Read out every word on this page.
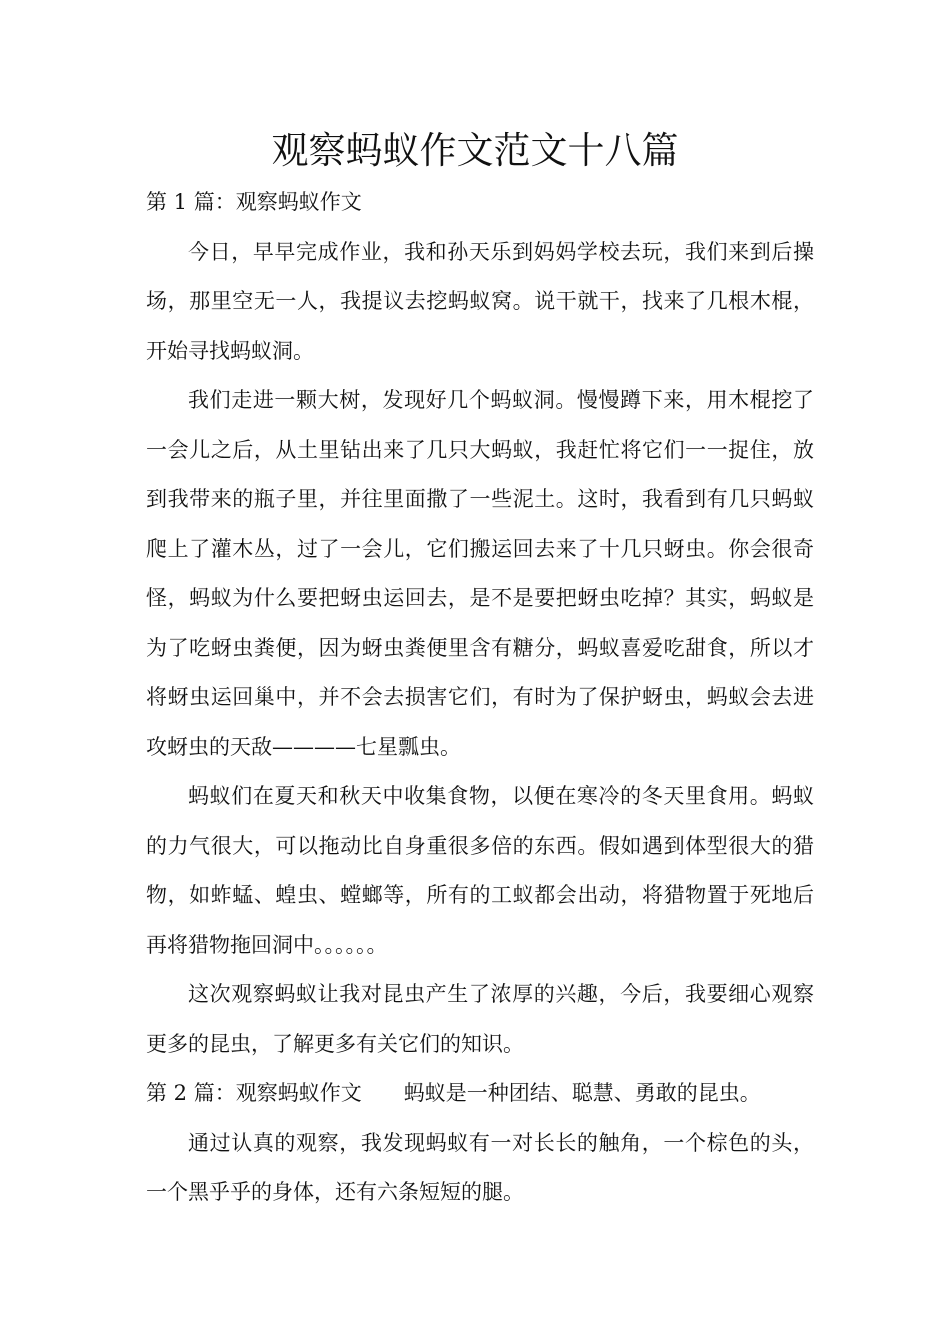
观察蚂蚁作文范文十八篇

第 1 篇：观察蚂蚁作文

今日，早早完成作业，我和孙天乐到妈妈学校去玩，我们来到后操场，那里空无一人，我提议去挖蚂蚁窝。说干就干，找来了几根木棍，开始寻找蚂蚁洞。

我们走进一颗大树，发现好几个蚂蚁洞。慢慢蹲下来，用木棍挖了一会儿之后，从土里钻出来了几只大蚂蚁，我赶忙将它们一一捉住，放到我带来的瓶子里，并往里面撒了一些泥土。这时，我看到有几只蚂蚁爬上了灌木丛，过了一会儿，它们搬运回去来了十几只蚜虫。你会很奇怪，蚂蚁为什么要把蚜虫运回去，是不是要把蚜虫吃掉？其实，蚂蚁是为了吃蚜虫粪便，因为蚜虫粪便里含有糖分，蚂蚁喜爱吃甜食，所以才将蚜虫运回巢中，并不会去损害它们，有时为了保护蚜虫，蚂蚁会去进攻蚜虫的天敌————七星瓢虫。

蚂蚁们在夏天和秋天中收集食物，以便在寒冷的冬天里食用。蚂蚁的力气很大，可以拖动比自身重很多倍的东西。假如遇到体型很大的猎物，如蚱蜢、蝗虫、螳螂等，所有的工蚁都会出动，将猎物置于死地后再将猎物拖回洞中。。。。。。

这次观察蚂蚁让我对昆虫产生了浓厚的兴趣，今后，我要细心观察更多的昆虫，了解更多有关它们的知识。

第 2 篇：观察蚂蚁作文 蚂蚁是一种团结、聪慧、勇敢的昆虫。

通过认真的观察，我发现蚂蚁有一对长长的触角，一个棕色的头，一个黑乎乎的身体，还有六条短短的腿。
